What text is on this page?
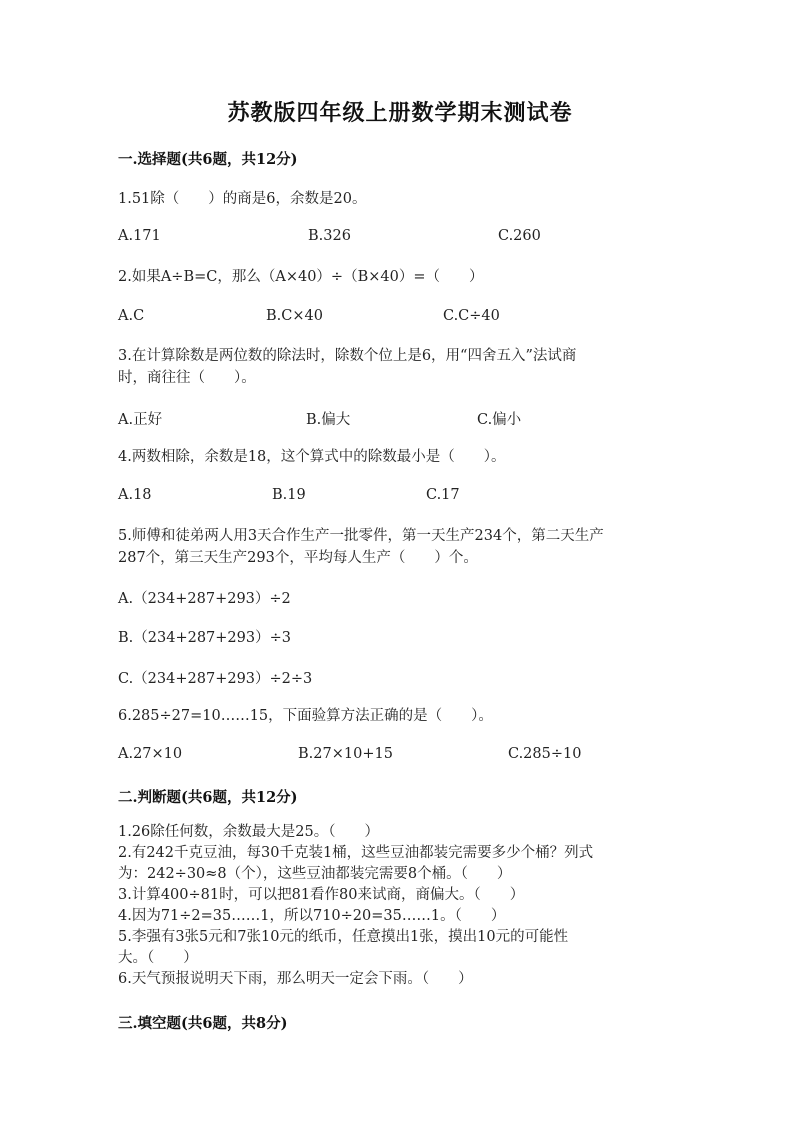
苏教版四年级上册数学期末测试卷
一.选择题(共6题，共12分)
1.51除（　　）的商是6，余数是20。
A.171	B.326	C.260
2.如果A÷B=C，那么（A×40）÷（B×40）=（　　）
A.C	B.C×40	C.C÷40
3.在计算除数是两位数的除法时，除数个位上是6，用“四舍五入”法试商
时，商往往（　　）。
A.正好	B.偏大	C.偏小
4.两数相除，余数是18，这个算式中的除数最小是（　　）。
A.18	B.19	C.17
5.师傅和徒弟两人用3天合作生产一批零件，第一天生产234个，第二天生产
287个，第三天生产293个，平均每人生产（　　）个。
A.（234+287+293）÷2
B.（234+287+293）÷3
C.（234+287+293）÷2÷3
6.285÷27=10……15，下面验算方法正确的是（　　）。
A.27×10	B.27×10+15	C.285÷10
二.判断题(共6题，共12分)
1.26除任何数，余数最大是25。（　　）
2.有242千克豆油，每30千克装1桶，这些豆油都装完需要多少个桶？列式
为：242÷30≈8（个），这些豆油都装完需要8个桶。（　　）
3.计算400÷81时，可以把81看作80来试商，商偏大。（　　）
4.因为71÷2=35……1，所以710÷20=35……1。（　　）
5.李强有3张5元和7张10元的纸币，任意摸出1张，摸出10元的可能性
大。（　　）
6.天气预报说明天下雨，那么明天一定会下雨。（　　）
三.填空题(共6题，共8分)
